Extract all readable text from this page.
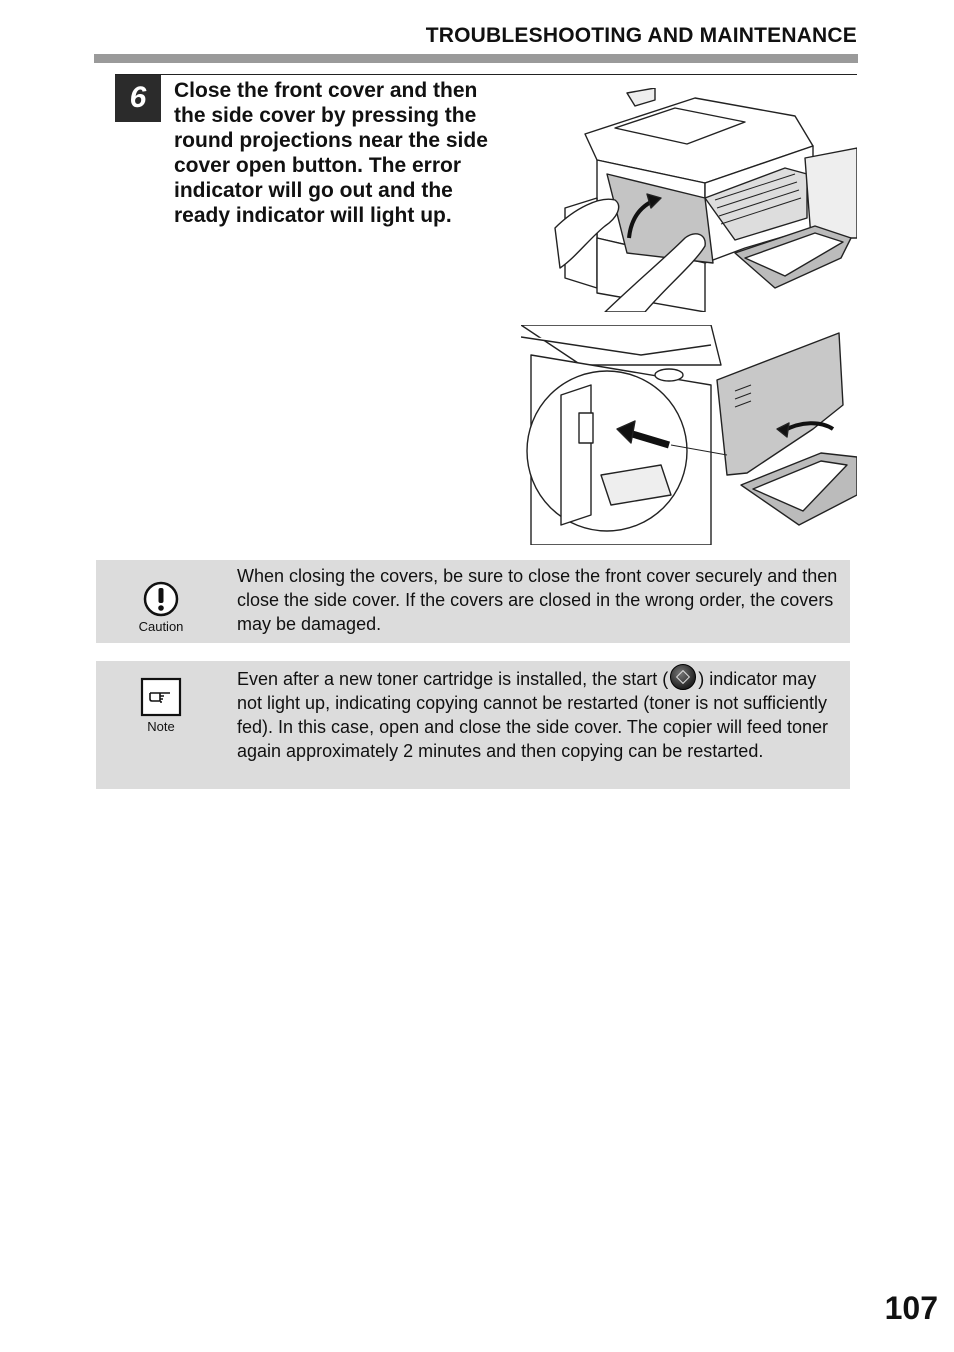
TROUBLESHOOTING AND MAINTENANCE
6	Close the front cover and then the side cover by pressing the round projections near the side cover open button. The error indicator will go out and the ready indicator will light up.
Caution
When closing the covers, be sure to close the front cover securely and then close the side cover. If the covers are closed in the wrong order, the covers may be damaged.
Note
Even after a new toner cartridge is installed, the start ( ) indicator may not light up, indicating copying cannot be restarted (toner is not sufficiently fed). In this case, open and close the side cover. The copier will feed toner again approximately 2 minutes and then copying can be restarted.
107
